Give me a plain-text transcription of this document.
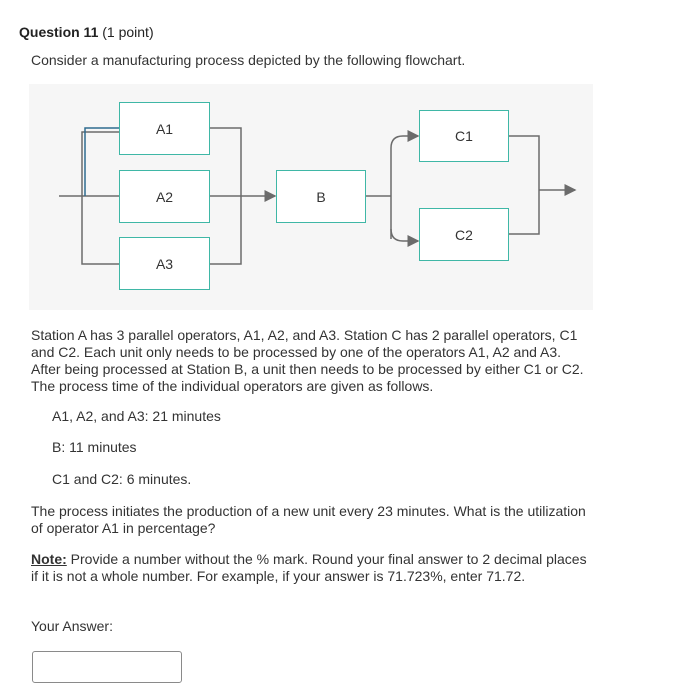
Question 11 (1 point)
Consider a manufacturing process depicted by the following flowchart.
A1
A2
A3
B
C1
C2
Station A has 3 parallel operators, A1, A2, and A3. Station C has 2 parallel operators, C1 and C2. Each unit only needs to be processed by one of the operators A1, A2 and A3. After being processed at Station B, a unit then needs to be processed by either C1 or C2. The process time of the individual operators are given as follows.
A1, A2, and A3: 21 minutes
B: 11 minutes
C1 and C2: 6 minutes.
The process initiates the production of a new unit every 23 minutes. What is the utilization of operator A1 in percentage?
Note: Provide a number without the % mark. Round your final answer to 2 decimal places if it is not a whole number. For example, if your answer is 71.723%, enter 71.72.
Your Answer:
